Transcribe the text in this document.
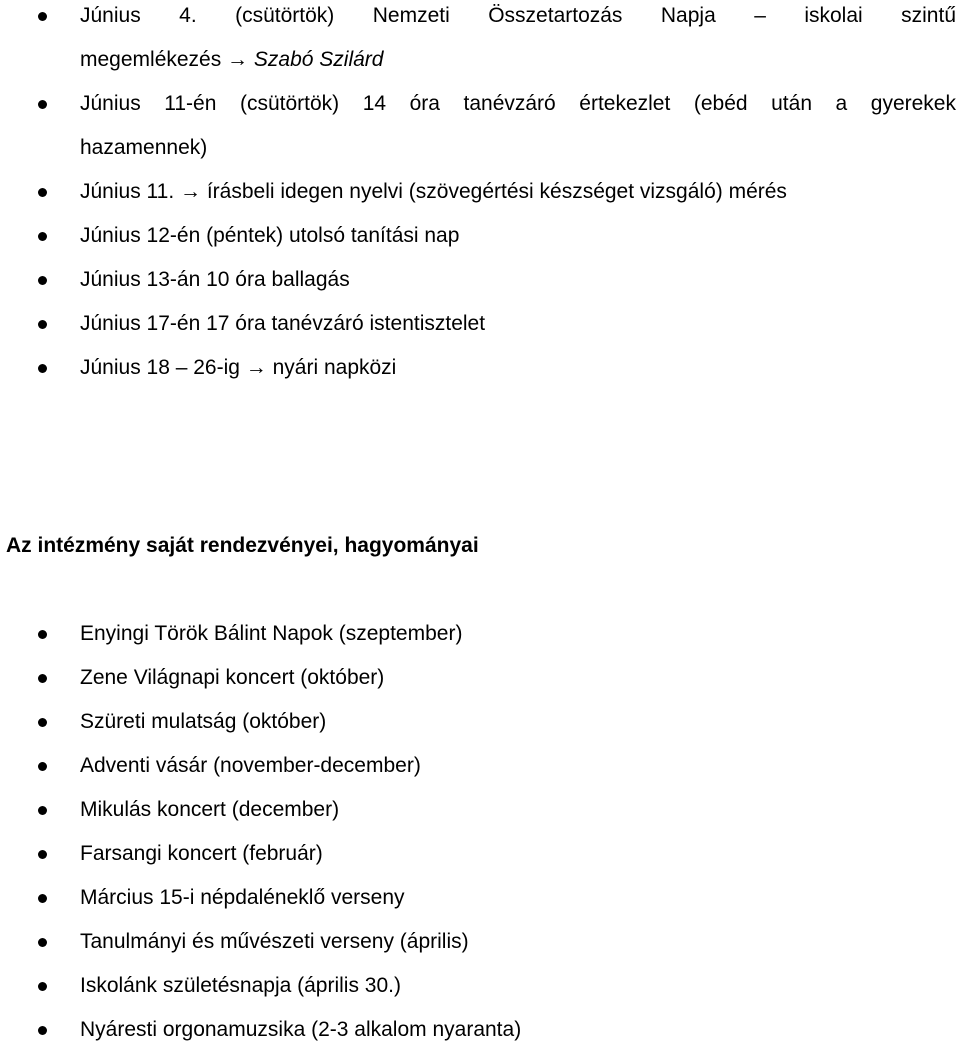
Június 4. (csütörtök) Nemzeti Összetartozás Napja – iskolai szintű
megemlékezés → Szabó Szilárd
Június 11-én (csütörtök) 14 óra tanévzáró értekezlet (ebéd után a gyerekek
hazamennek)
Június 11. → írásbeli idegen nyelvi (szövegértési készséget vizsgáló) mérés
Június 12-én (péntek) utolsó tanítási nap
Június 13-án 10 óra ballagás
Június 17-én 17 óra tanévzáró istentisztelet
Június 18 – 26-ig → nyári napközi
Az intézmény saját rendezvényei, hagyományai
Enyingi Török Bálint Napok (szeptember)
Zene Világnapi koncert (október)
Szüreti mulatság (október)
Adventi vásár (november-december)
Mikulás koncert (december)
Farsangi koncert (február)
Március 15-i népdaléneklő verseny
Tanulmányi és művészeti verseny (április)
Iskolánk születésnapja (április 30.)
Nyáresti orgonamuzsika (2-3 alkalom nyaranta)
